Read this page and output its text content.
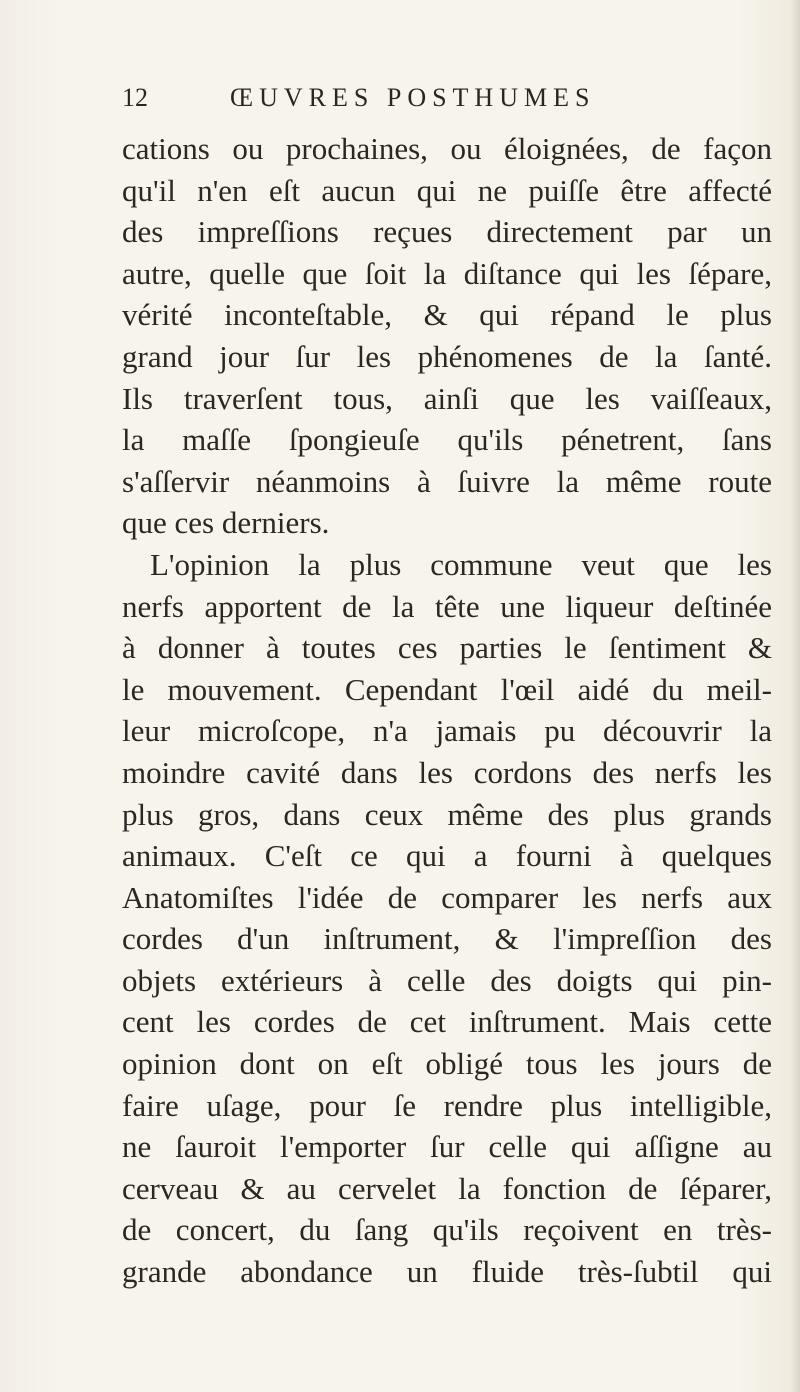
12	ŒUVRES POSTHUMES
cations ou prochaines, ou éloignées, de façon
qu'il n'en eſt aucun qui ne puiſſe être affecté
des impreſſions reçues directement par un
autre, quelle que ſoit la diſtance qui les ſépare,
vérité inconteſtable, & qui répand le plus
grand jour ſur les phénomenes de la ſanté.
Ils traverſent tous, ainſi que les vaiſſeaux,
la maſſe ſpongieuſe qu'ils pénetrent, ſans
s'aſſervir néanmoins à ſuivre la même route
que ces derniers.
L'opinion la plus commune veut que les
nerfs apportent de la tête une liqueur deſtinée
à donner à toutes ces parties le ſentiment &
le mouvement. Cependant l'œil aidé du meil-
leur microſcope, n'a jamais pu découvrir la
moindre cavité dans les cordons des nerfs les
plus gros, dans ceux même des plus grands
animaux. C'eſt ce qui a fourni à quelques
Anatomiſtes l'idée de comparer les nerfs aux
cordes d'un inſtrument, & l'impreſſion des
objets extérieurs à celle des doigts qui pin-
cent les cordes de cet inſtrument. Mais cette
opinion dont on eſt obligé tous les jours de
faire uſage, pour ſe rendre plus intelligible,
ne ſauroit l'emporter ſur celle qui aſſigne au
cerveau & au cervelet la fonction de ſéparer,
de concert, du ſang qu'ils reçoivent en très-
grande abondance un fluide très-ſubtil qui
